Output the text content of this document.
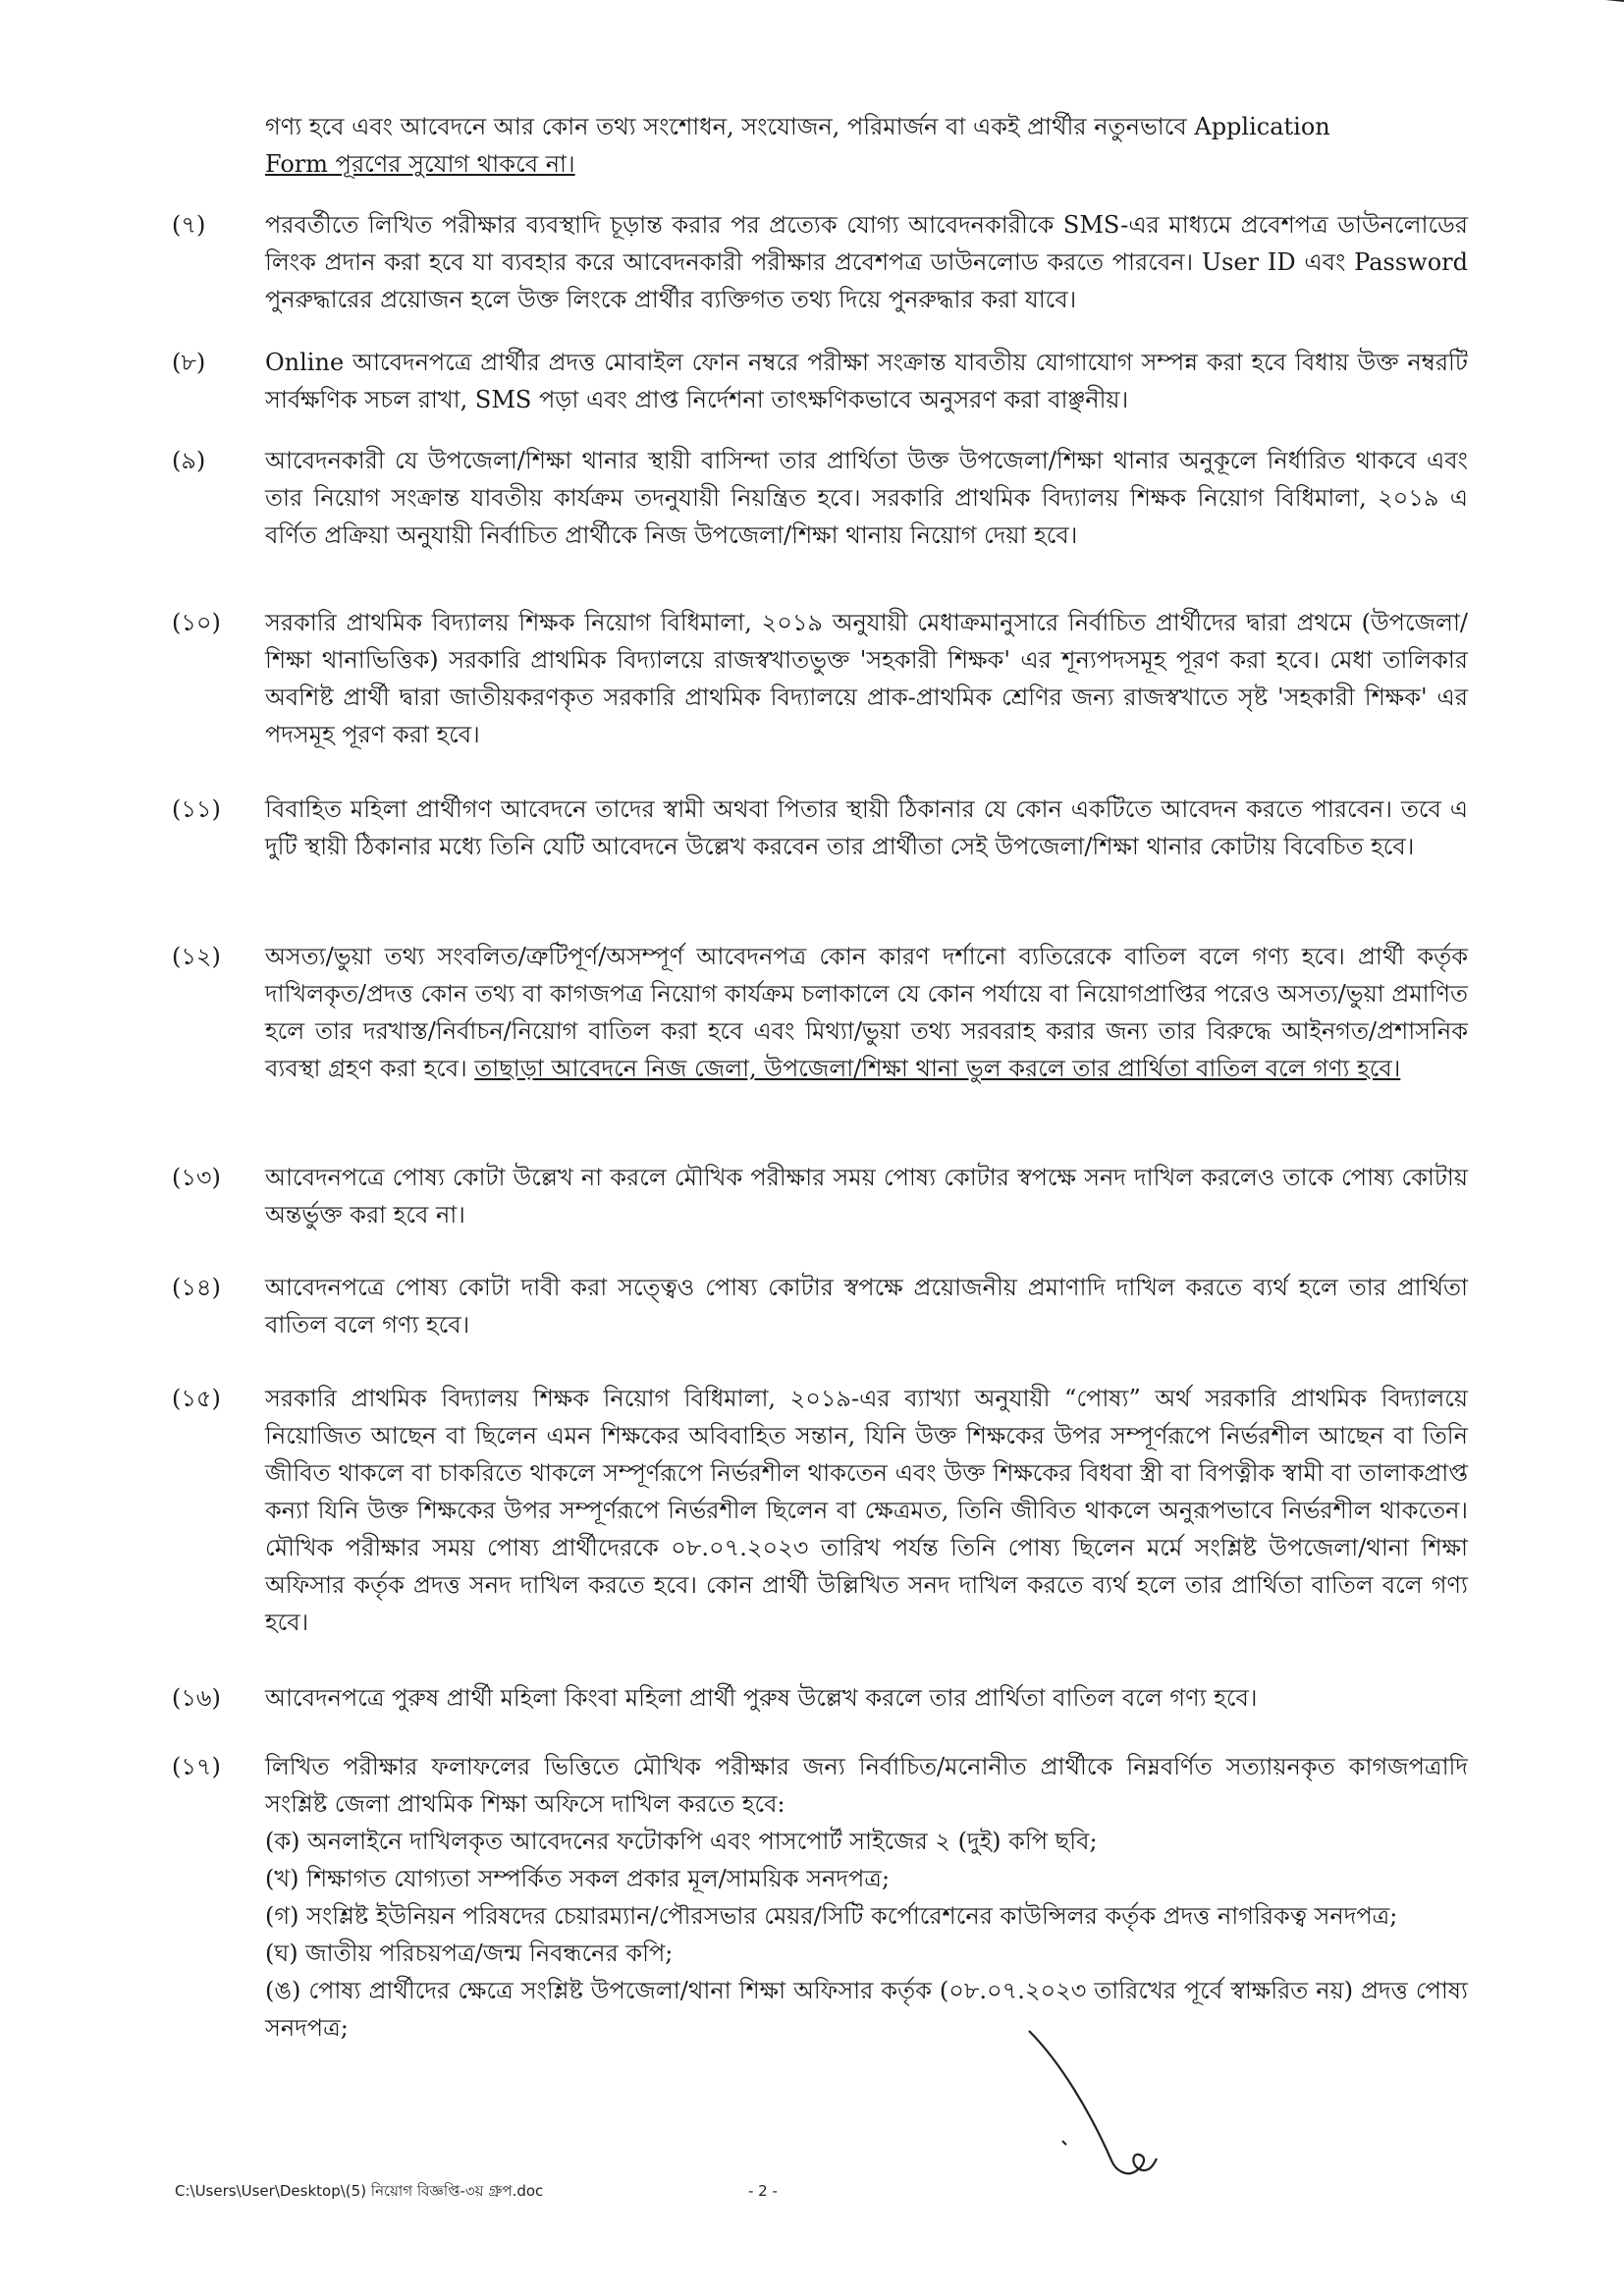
গণ্য হবে এবং আবেদনে আর কোন তথ্য সংশোধন, সংযোজন, পরিমার্জন বা একই প্রার্থীর নতুনভাবে Application
Form পূরণের সুযোগ থাকবে না।
(৭)	পরবর্তীতে লিখিত পরীক্ষার ব্যবস্থাদি চূড়ান্ত করার পর প্রত্যেক যোগ্য আবেদনকারীকে SMS-এর মাধ্যমে প্রবেশপত্র ডাউনলোডের লিংক প্রদান করা হবে যা ব্যবহার করে আবেদনকারী পরীক্ষার প্রবেশপত্র ডাউনলোড করতে পারবেন। User ID এবং Password পুনরুদ্ধারের প্রয়োজন হলে উক্ত লিংকে প্রার্থীর ব্যক্তিগত তথ্য দিয়ে পুনরুদ্ধার করা যাবে।
(৮)	Online আবেদনপত্রে প্রার্থীর প্রদত্ত মোবাইল ফোন নম্বরে পরীক্ষা সংক্রান্ত যাবতীয় যোগাযোগ সম্পন্ন করা হবে বিধায় উক্ত নম্বরটি সার্বক্ষণিক সচল রাখা, SMS পড়া এবং প্রাপ্ত নির্দেশনা তাৎক্ষণিকভাবে অনুসরণ করা বাঞ্ছনীয়।
(৯)	আবেদনকারী যে উপজেলা/শিক্ষা থানার স্থায়ী বাসিন্দা তার প্রার্থিতা উক্ত উপজেলা/শিক্ষা থানার অনুকূলে নির্ধারিত থাকবে এবং তার নিয়োগ সংক্রান্ত যাবতীয় কার্যক্রম তদনুযায়ী নিয়ন্ত্রিত হবে। সরকারি প্রাথমিক বিদ্যালয় শিক্ষক নিয়োগ বিধিমালা, ২০১৯ এ বর্ণিত প্রক্রিয়া অনুযায়ী নির্বাচিত প্রার্থীকে নিজ উপজেলা/শিক্ষা থানায় নিয়োগ দেয়া হবে।
(১০)	সরকারি প্রাথমিক বিদ্যালয় শিক্ষক নিয়োগ বিধিমালা, ২০১৯ অনুযায়ী মেধাক্রমানুসারে নির্বাচিত প্রার্থীদের দ্বারা প্রথমে (উপজেলা/শিক্ষা থানাভিত্তিক) সরকারি প্রাথমিক বিদ্যালয়ে রাজস্বখাতভুক্ত 'সহকারী শিক্ষক' এর শূন্যপদসমূহ পূরণ করা হবে। মেধা তালিকার অবশিষ্ট প্রার্থী দ্বারা জাতীয়করণকৃত সরকারি প্রাথমিক বিদ্যালয়ে প্রাক-প্রাথমিক শ্রেণির জন্য রাজস্বখাতে সৃষ্ট 'সহকারী শিক্ষক' এর পদসমূহ পূরণ করা হবে।
(১১)	বিবাহিত মহিলা প্রার্থীগণ আবেদনে তাদের স্বামী অথবা পিতার স্থায়ী ঠিকানার যে কোন একটিতে আবেদন করতে পারবেন। তবে এ দুটি স্থায়ী ঠিকানার মধ্যে তিনি যেটি আবেদনে উল্লেখ করবেন তার প্রার্থীতা সেই উপজেলা/শিক্ষা থানার কোটায় বিবেচিত হবে।
(১২)	অসত্য/ভুয়া তথ্য সংবলিত/ত্রুটিপূর্ণ/অসম্পূর্ণ আবেদনপত্র কোন কারণ দর্শানো ব্যতিরেকে বাতিল বলে গণ্য হবে। প্রার্থী কর্তৃক দাখিলকৃত/প্রদত্ত কোন তথ্য বা কাগজপত্র নিয়োগ কার্যক্রম চলাকালে যে কোন পর্যায়ে বা নিয়োগপ্রাপ্তির পরেও অসত্য/ভুয়া প্রমাণিত হলে তার দরখাস্ত/নির্বাচন/নিয়োগ বাতিল করা হবে এবং মিথ্যা/ভুয়া তথ্য সরবরাহ করার জন্য তার বিরুদ্ধে আইনগত/প্রশাসনিক ব্যবস্থা গ্রহণ করা হবে। তাছাড়া আবেদনে নিজ জেলা, উপজেলা/শিক্ষা থানা ভুল করলে তার প্রার্থিতা বাতিল বলে গণ্য হবে।
(১৩)	আবেদনপত্রে পোষ্য কোটা উল্লেখ না করলে মৌখিক পরীক্ষার সময় পোষ্য কোটার স্বপক্ষে সনদ দাখিল করলেও তাকে পোষ্য কোটায় অন্তর্ভুক্ত করা হবে না।
(১৪)	আবেদনপত্রে পোষ্য কোটা দাবী করা সত্ত্বেও পোষ্য কোটার স্বপক্ষে প্রয়োজনীয় প্রমাণাদি দাখিল করতে ব্যর্থ হলে তার প্রার্থিতা বাতিল বলে গণ্য হবে।
(১৫)	সরকারি প্রাথমিক বিদ্যালয় শিক্ষক নিয়োগ বিধিমালা, ২০১৯-এর ব্যাখ্যা অনুযায়ী “পোষ্য” অর্থ সরকারি প্রাথমিক বিদ্যালয়ে নিয়োজিত আছেন বা ছিলেন এমন শিক্ষকের অবিবাহিত সন্তান, যিনি উক্ত শিক্ষকের উপর সম্পূর্ণরূপে নির্ভরশীল আছেন বা তিনি জীবিত থাকলে বা চাকরিতে থাকলে সম্পূর্ণরূপে নির্ভরশীল থাকতেন এবং উক্ত শিক্ষকের বিধবা স্ত্রী বা বিপত্নীক স্বামী বা তালাকপ্রাপ্ত কন্যা যিনি উক্ত শিক্ষকের উপর সম্পূর্ণরূপে নির্ভরশীল ছিলেন বা ক্ষেত্রমত, তিনি জীবিত থাকলে অনুরূপভাবে নির্ভরশীল থাকতেন। মৌখিক পরীক্ষার সময় পোষ্য প্রার্থীদেরকে ০৮.০৭.২০২৩ তারিখ পর্যন্ত তিনি পোষ্য ছিলেন মর্মে সংশ্লিষ্ট উপজেলা/থানা শিক্ষা অফিসার কর্তৃক প্রদত্ত সনদ দাখিল করতে হবে। কোন প্রার্থী উল্লিখিত সনদ দাখিল করতে ব্যর্থ হলে তার প্রার্থিতা বাতিল বলে গণ্য হবে।
(১৬)	আবেদনপত্রে পুরুষ প্রার্থী মহিলা কিংবা মহিলা প্রার্থী পুরুষ উল্লেখ করলে তার প্রার্থিতা বাতিল বলে গণ্য হবে।
(১৭)	লিখিত পরীক্ষার ফলাফলের ভিত্তিতে মৌখিক পরীক্ষার জন্য নির্বাচিত/মনোনীত প্রার্থীকে নিম্নবর্ণিত সত্যায়নকৃত কাগজপত্রাদি সংশ্লিষ্ট জেলা প্রাথমিক শিক্ষা অফিসে দাখিল করতে হবে:
(ক) অনলাইনে দাখিলকৃত আবেদনের ফটোকপি এবং পাসপোর্ট সাইজের ২ (দুই) কপি ছবি;
(খ) শিক্ষাগত যোগ্যতা সম্পর্কিত সকল প্রকার মূল/সাময়িক সনদপত্র;
(গ) সংশ্লিষ্ট ইউনিয়ন পরিষদের চেয়ারম্যান/পৌরসভার মেয়র/সিটি কর্পোরেশনের কাউন্সিলর কর্তৃক প্রদত্ত নাগরিকত্ব সনদপত্র;
(ঘ) জাতীয় পরিচয়পত্র/জন্ম নিবন্ধনের কপি;
(ঙ) পোষ্য প্রার্থীদের ক্ষেত্রে সংশ্লিষ্ট উপজেলা/থানা শিক্ষা অফিসার কর্তৃক (০৮.০৭.২০২৩ তারিখের পূর্বে স্বাক্ষরিত নয়) প্রদত্ত পোষ্য সনদপত্র;
C:\Users\User\Desktop\(5) নিয়োগ বিজ্ঞপ্তি-৩য় গ্রুপ.doc	- 2 -
